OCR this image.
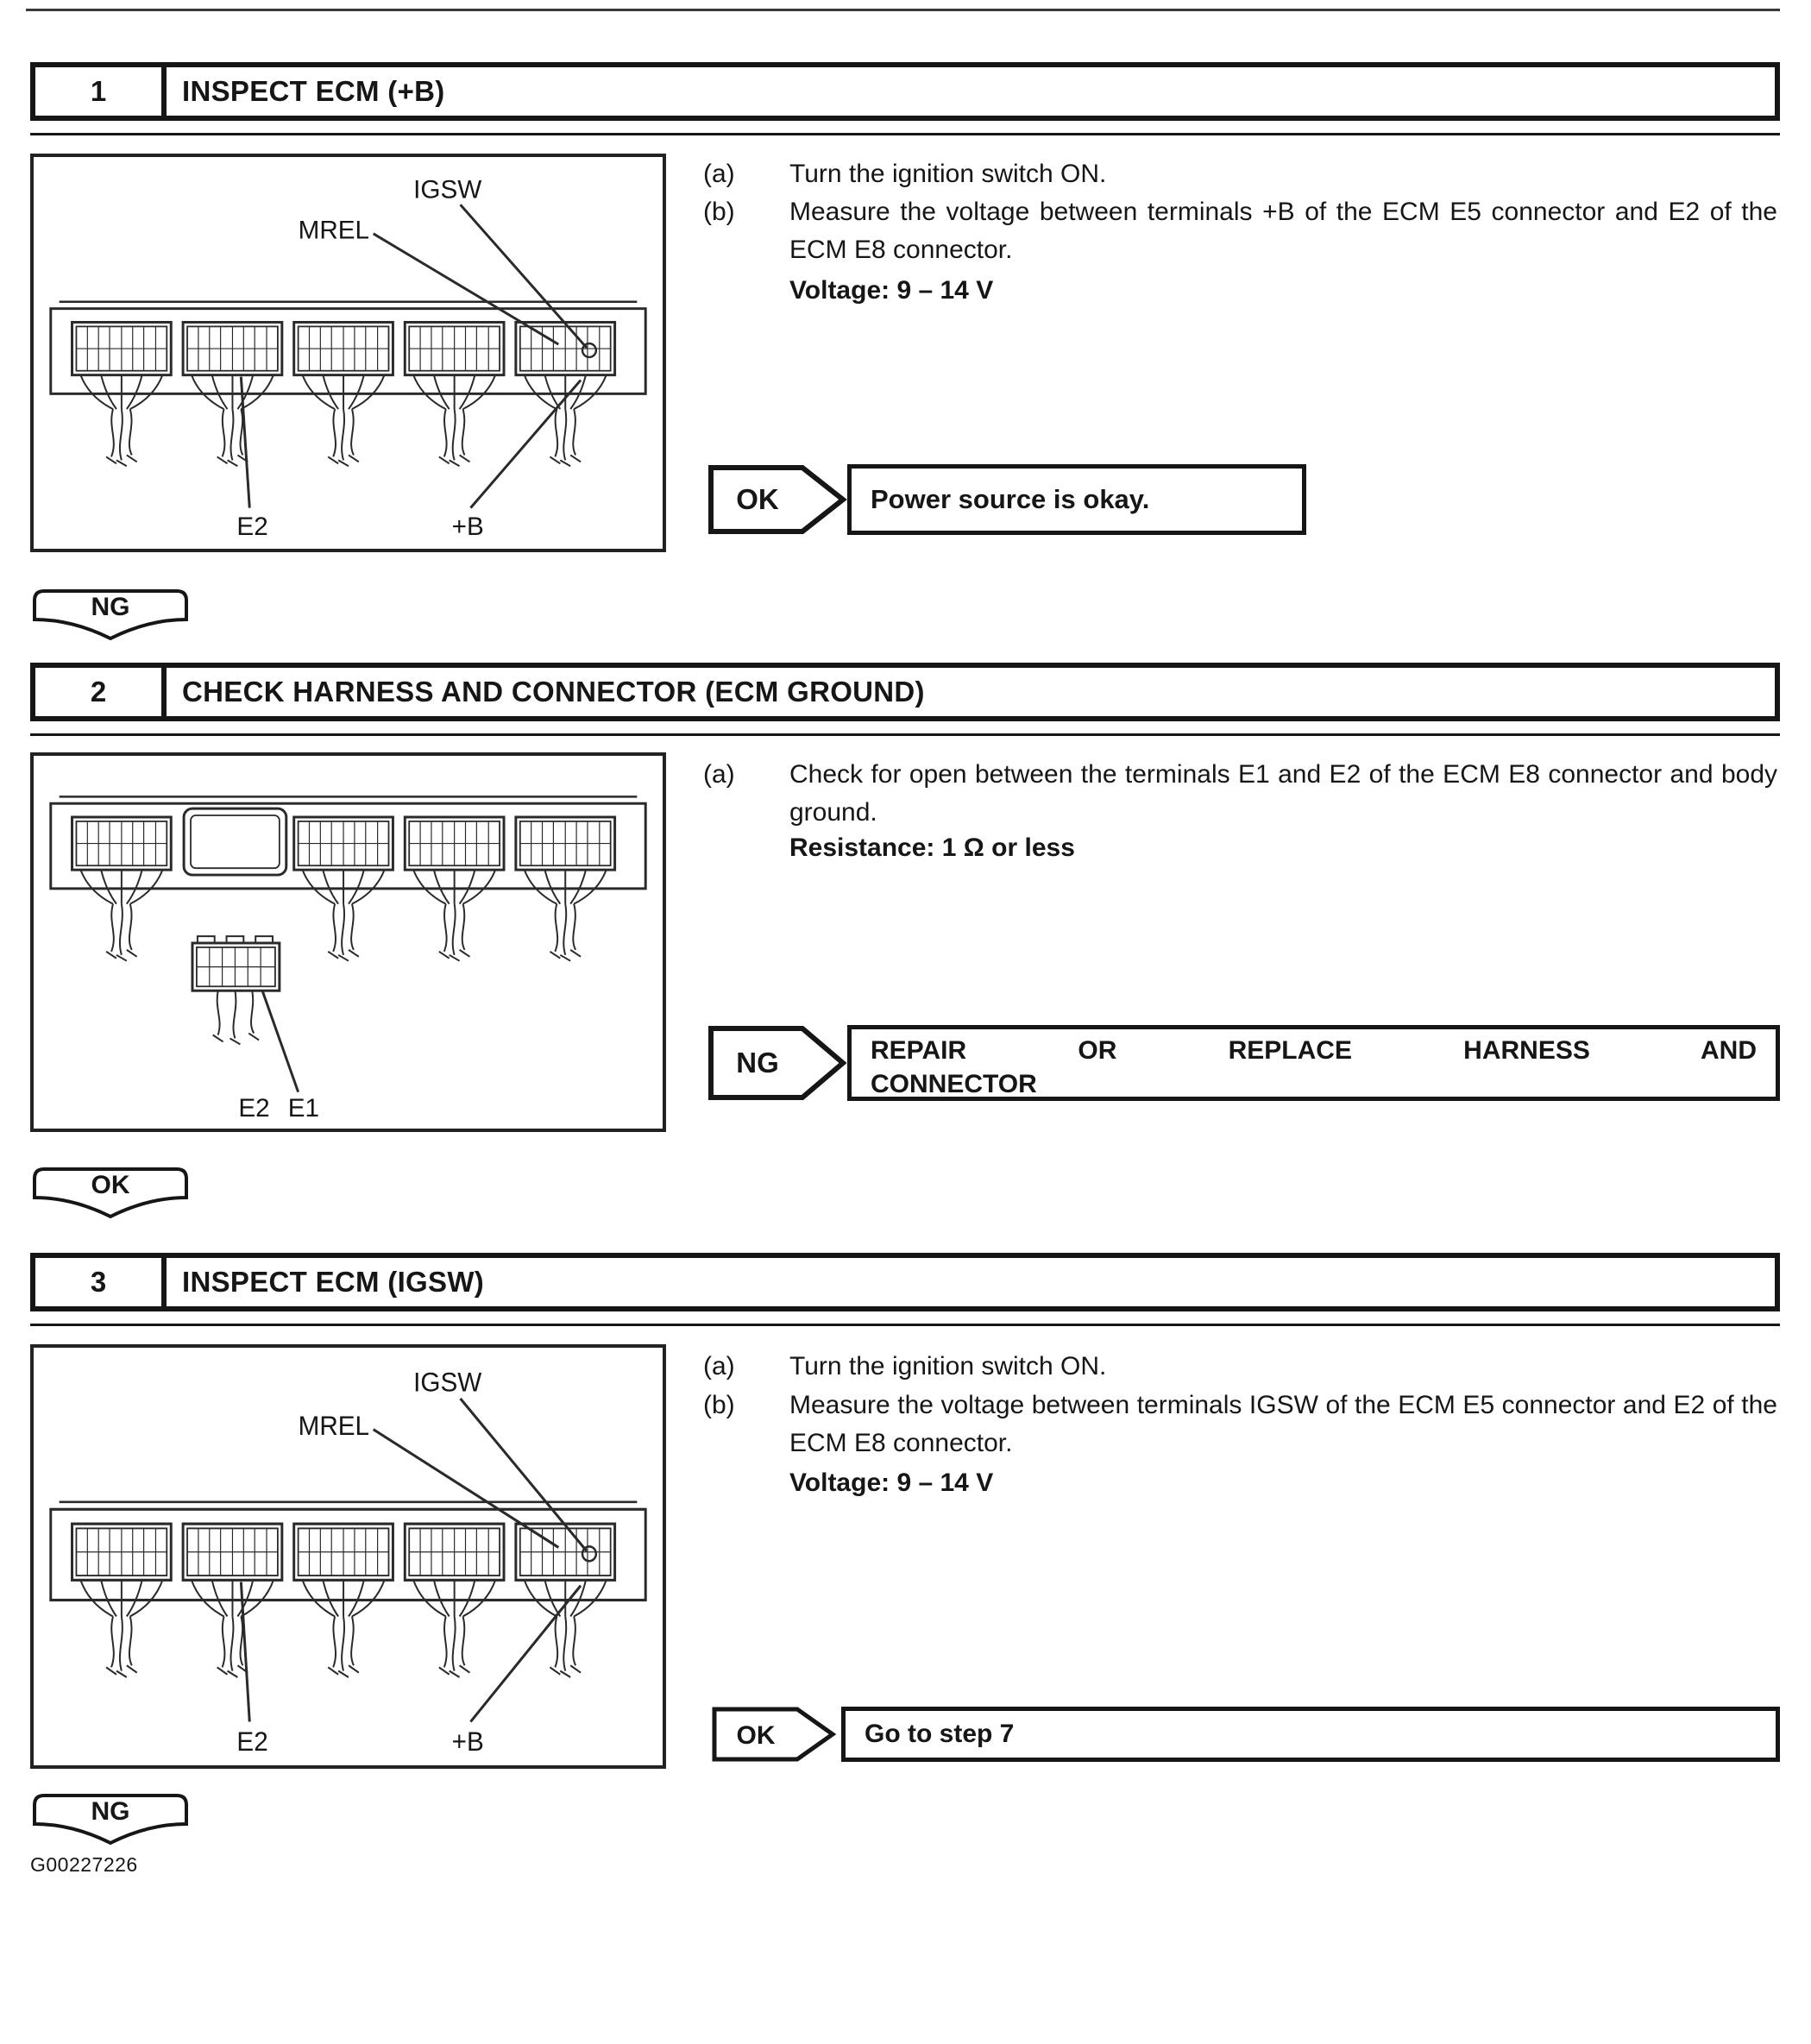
1	INSPECT ECM (+B)
IGSW
MREL
E2	+B
(a) Turn the ignition switch ON.
(b) Measure the voltage between terminals +B of the ECM E5 connector and E2 of the ECM E8 connector.
Voltage: 9 – 14 V
OK	Power source is okay.
NG
2	CHECK HARNESS AND CONNECTOR (ECM GROUND)
E2 E1
(a) Check for open between the terminals E1 and E2 of the ECM E8 connector and body ground.
Resistance: 1 Ω or less
NG	REPAIR OR REPLACE HARNESS AND
CONNECTOR
OK
3	INSPECT ECM (IGSW)
IGSW
MREL
E2	+B
(a) Turn the ignition switch ON.
(b) Measure the voltage between terminals IGSW of the ECM E5 connector and E2 of the ECM E8 connector.
Voltage: 9 – 14 V
OK	Go to step 7
NG
G00227226
